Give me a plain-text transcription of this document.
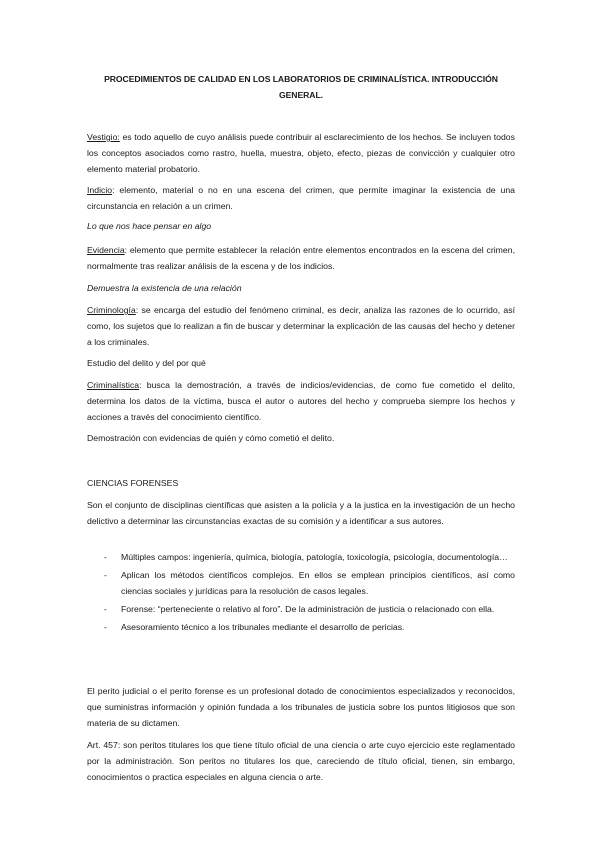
PROCEDIMIENTOS DE CALIDAD EN LOS LABORATORIOS DE CRIMINALÍSTICA. INTRODUCCIÓN GENERAL.
Vestigio: es todo aquello de cuyo análisis puede contribuir al esclarecimiento de los hechos. Se incluyen todos los conceptos asociados como rastro, huella, muestra, objeto, efecto, piezas de convicción y cualquier otro elemento material probatorio.
Indicio: elemento, material o no en una escena del crimen, que permite imaginar la existencia de una circunstancia en relación a un crimen.
Lo que nos hace pensar en algo
Evidencia: elemento que permite establecer la relación entre elementos encontrados en la escena del crimen, normalmente tras realizar análisis de la escena y de los indicios.
Demuestra la existencia de una relación
Criminología: se encarga del estudio del fenómeno criminal, es decir, analiza las razones de lo ocurrido, así como, los sujetos que lo realizan a fin de buscar y determinar la explicación de las causas del hecho y detener a los criminales.
Estudio del delito y del por qué
Criminalística: busca la demostración, a través de indicios/evidencias, de como fue cometido el delito, determina los datos de la víctima, busca el autor o autores del hecho y comprueba siempre los hechos y acciones a través del conocimiento científico.
Demostración con evidencias de quién y cómo cometió el delito.
CIENCIAS FORENSES
Son el conjunto de disciplinas científicas que asisten a la policía y a la justica en la investigación de un hecho delictivo a determinar las circunstancias exactas de su comisión y a identificar a sus autores.
- Múltiples campos: ingeniería, química, biología, patología, toxicología, psicología, documentología…
- Aplican los métodos científicos complejos. En ellos se emplean principios científicos, así como ciencias sociales y jurídicas para la resolución de casos legales.
- Forense: “perteneciente o relativo al foro”. De la administración de justicia o relacionado con ella.
- Asesoramiento técnico a los tribunales mediante el desarrollo de pericias.
El perito judicial o el perito forense es un profesional dotado de conocimientos especializados y reconocidos, que suministras información y opinión fundada a los tribunales de justicia sobre los puntos litigiosos que son materia de su dictamen.
Art. 457: son peritos titulares los que tiene título oficial de una ciencia o arte cuyo ejercicio este reglamentado por la administración. Son peritos no titulares los que, careciendo de título oficial, tienen, sin embargo, conocimientos o practica especiales en alguna ciencia o arte.
